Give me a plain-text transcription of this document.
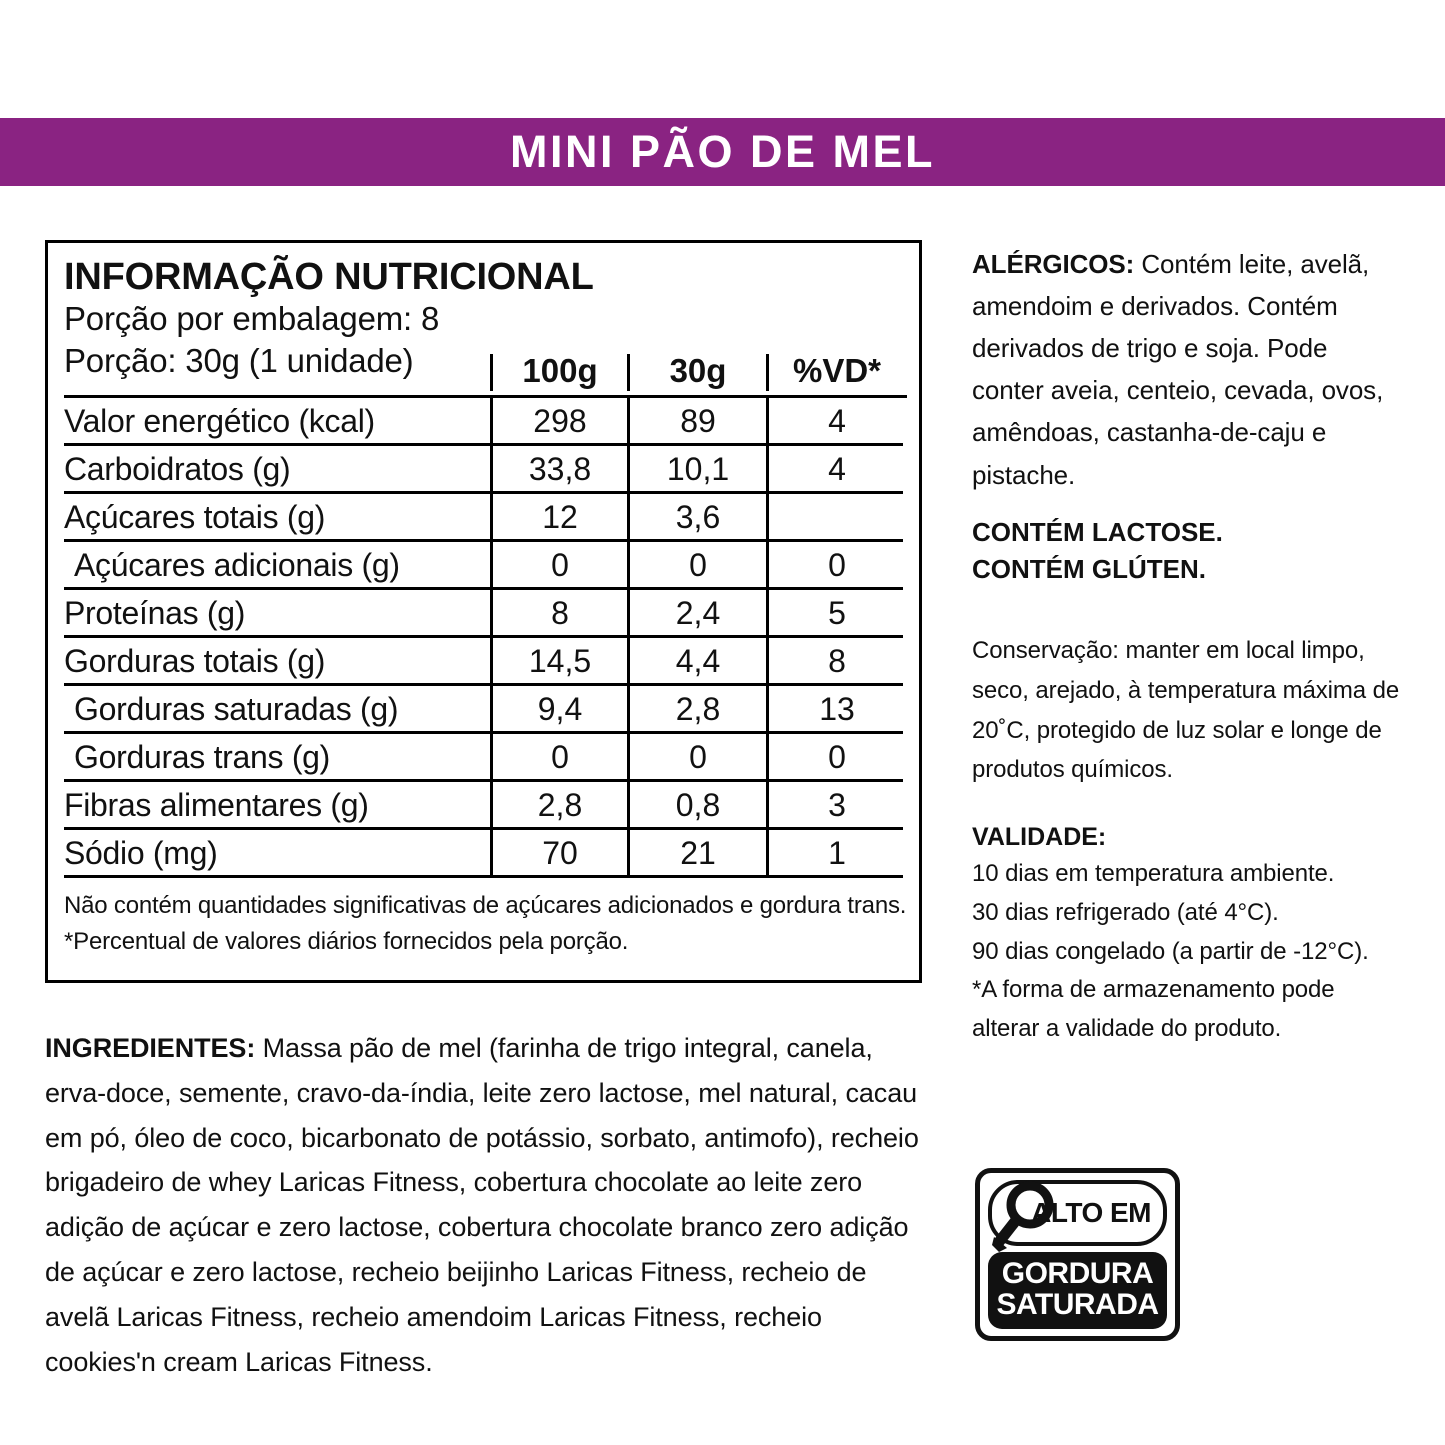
MINI PÃO DE MEL
INFORMAÇÃO NUTRICIONAL
Porção por embalagem: 8
Porção: 30g (1 unidade)	100g	30g	%VD*
Valor energético (kcal)	298	89	4
Carboidratos (g)	33,8	10,1	4
Açúcares totais (g)	12	3,6
Açúcares adicionais (g)	0	0	0
Proteínas (g)	8	2,4	5
Gorduras totais (g)	14,5	4,4	8
Gorduras saturadas (g)	9,4	2,8	13
Gorduras trans (g)	0	0	0
Fibras alimentares (g)	2,8	0,8	3
Sódio (mg)	70	21	1
Não contém quantidades significativas de açúcares adicionados e gordura trans.
*Percentual de valores diários fornecidos pela porção.
ALÉRGICOS: Contém leite, avelã, amendoim e derivados. Contém derivados de trigo e soja. Pode conter aveia, centeio, cevada, ovos, amêndoas, castanha-de-caju e pistache.
CONTÉM LACTOSE.
CONTÉM GLÚTEN.
Conservação: manter em local limpo, seco, arejado, à temperatura máxima de 20˚C, protegido de luz solar e longe de produtos químicos.
VALIDADE:
10 dias em temperatura ambiente.
30 dias refrigerado (até 4°C).
90 dias congelado (a partir de -12°C).
*A forma de armazenamento pode alterar a validade do produto.
INGREDIENTES: Massa pão de mel (farinha de trigo integral, canela, erva-doce, semente, cravo-da-índia, leite zero lactose, mel natural, cacau em pó, óleo de coco, bicarbonato de potássio, sorbato, antimofo), recheio brigadeiro de whey Laricas Fitness, cobertura chocolate ao leite zero adição de açúcar e zero lactose, cobertura chocolate branco zero adição de açúcar e zero lactose, recheio beijinho Laricas Fitness, recheio de avelã Laricas Fitness, recheio amendoim Laricas Fitness, recheio cookies'n cream Laricas Fitness.
ALTO EM
GORDURA
SATURADA
